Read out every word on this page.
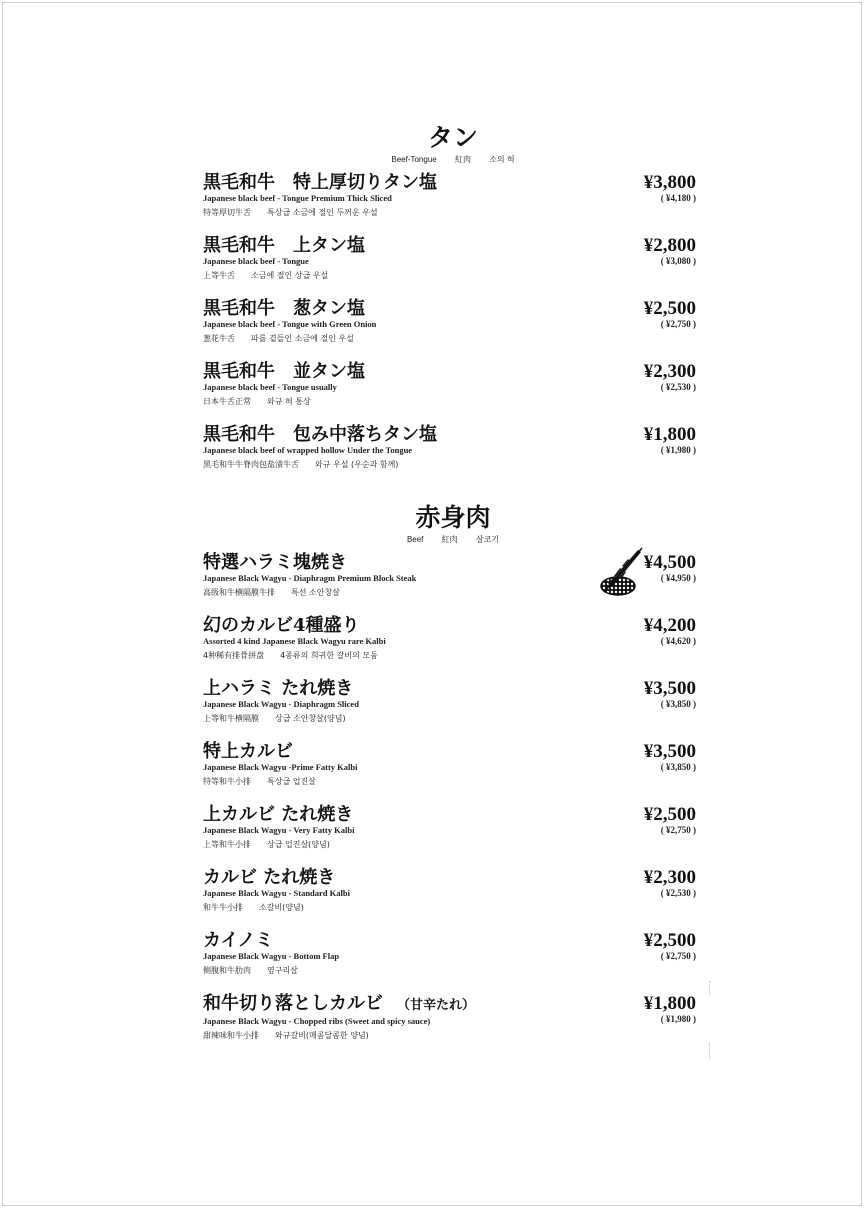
タン
Beef-Tongue 紅肉 소의 혀
黒毛和牛　特上厚切りタン塩
Japanese black beef - Tongue Premium Thick Sliced
特等厚切牛舌　　특상급 소금에 절인 두꺼운 우설
¥3,800
( ¥4,180 )
黒毛和牛　上タン塩
Japanese black beef - Tongue
上等牛舌　　소금에 절인 상급 우설
¥2,800
( ¥3,080 )
黒毛和牛　葱タン塩
Japanese black beef - Tongue with Green Onion
葱花牛舌　　파를 곁들인 소금에 절인 우설
¥2,500
( ¥2,750 )
黒毛和牛　並タン塩
Japanese black beef - Tongue usually
日本牛舌正常　　와규 혀 통상
¥2,300
( ¥2,530 )
黒毛和牛　包み中落ちタン塩
Japanese black beef of wrapped hollow Under the Tongue
黑毛和牛牛脊肉包盐渍牛舌　　와규 우설 (우순과 함께)
¥1,800
( ¥1,980 )
赤身肉
Beef 紅肉 살코기
特選ハラミ塊焼き
Japanese Black Wagyu - Diaphragm Premium Block Steak
高级和牛横隔膜牛排　　특선 소안창살
¥4,500
( ¥4,950 )
幻のカルビ4種盛り
Assorted 4 kind Japanese Black Wagyu rare Kalbi
4种稀有排骨拼盘　　4종류의 희귀한 갈비의 모둠
¥4,200
( ¥4,620 )
上ハラミ たれ焼き
Japanese Black Wagyu - Diaphragm Sliced
上等和牛横隔膜　　상급 소안창살(양념)
¥3,500
( ¥3,850 )
特上カルビ
Japanese Black Wagyu -Prime Fatty Kalbi
特等和牛小排　　특상급 업진살
¥3,500
( ¥3,850 )
上カルビ たれ焼き
Japanese Black Wagyu - Very Fatty Kalbi
上等和牛小排　　상급 업진살(양념)
¥2,500
( ¥2,750 )
カルビ たれ焼き
Japanese Black Wagyu - Standard Kalbi
和牛牛小排　　소갈비(양념)
¥2,300
( ¥2,530 )
カイノミ
Japanese Black Wagyu - Bottom Flap
侧腹和牛肋肉　　옆구리살
¥2,500
( ¥2,750 )
和牛切り落としカルビ （甘辛たれ）
Japanese Black Wagyu - Chopped ribs (Sweet and spicy sauce)
甜辣味和牛小排　　와규갈비(매콤달콤한 양념)
¥1,800
( ¥1,980 )
